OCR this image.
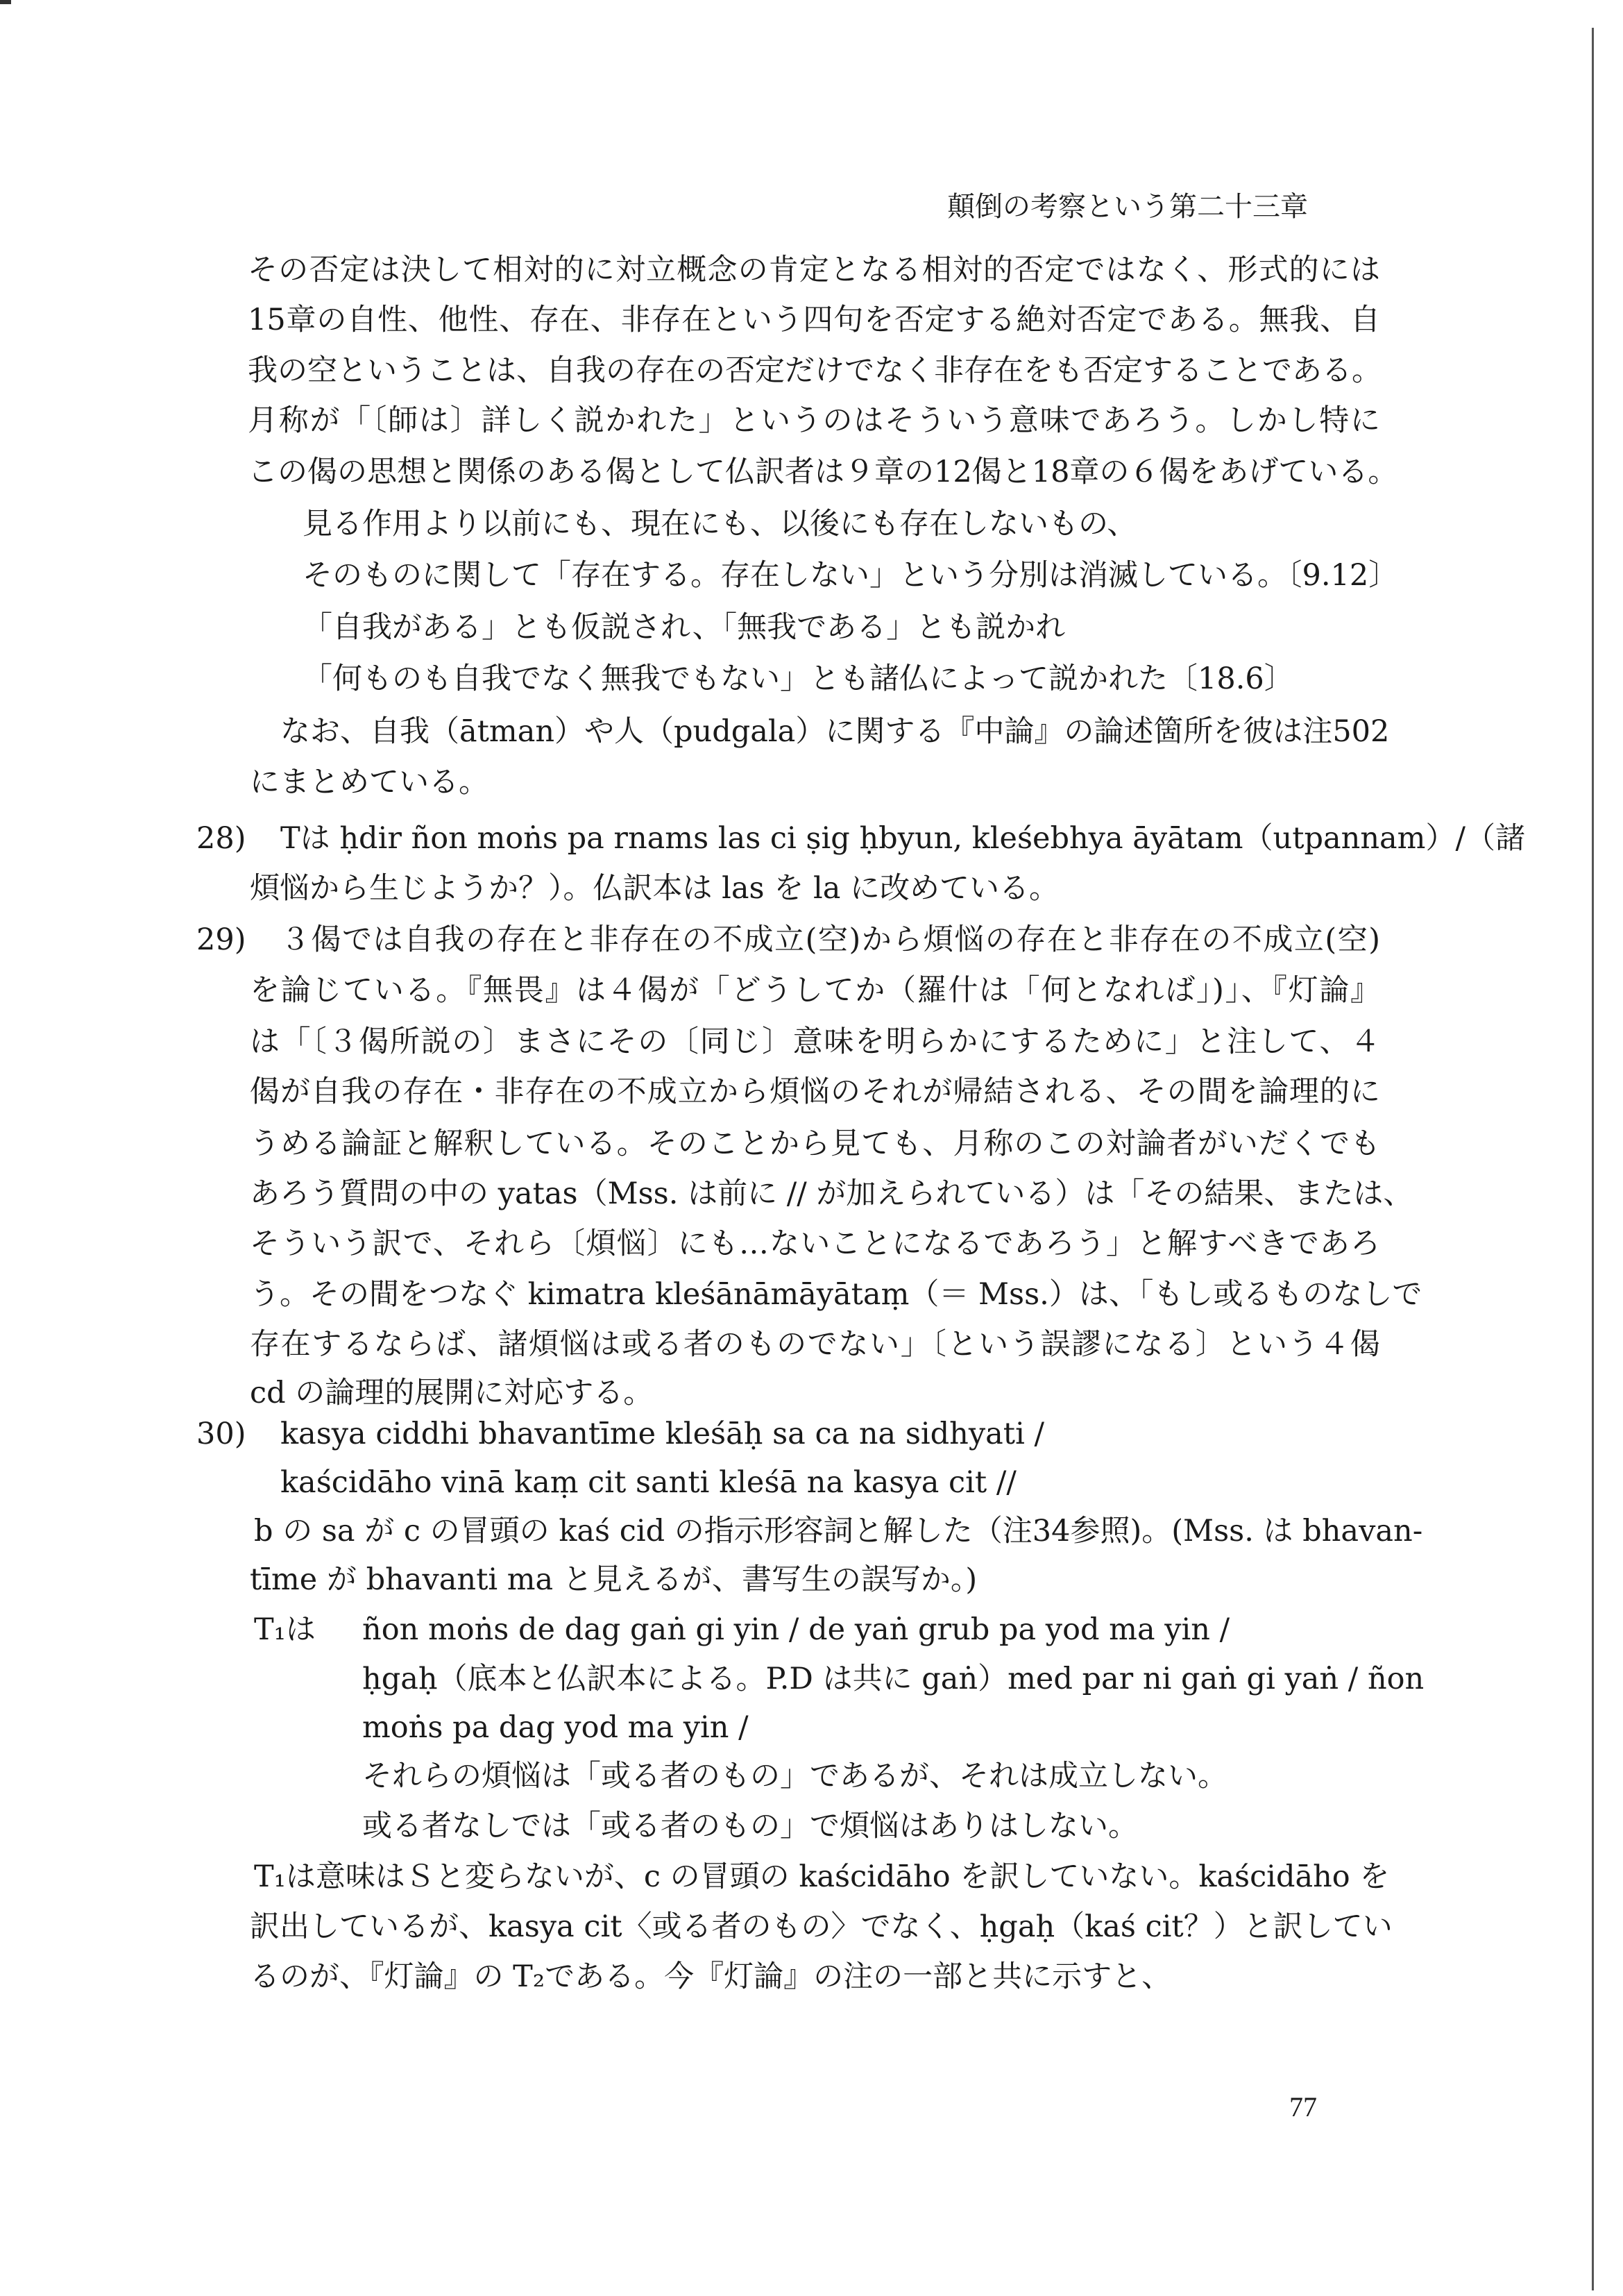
顛倒の考察という第二十三章
その否定は決して相対的に対立概念の肯定となる相対的否定ではなく、形式的には
15章の自性、他性、存在、非存在という四句を否定する絶対否定である。無我、自
我の空ということは、自我の存在の否定だけでなく非存在をも否定することである。
月称が「〔師は〕詳しく説かれた」というのはそういう意味であろう。しかし特に
この偈の思想と関係のある偈として仏訳者は９章の12偈と18章の６偈をあげている。
見る作用より以前にも、現在にも、以後にも存在しないもの、
そのものに関して「存在する。存在しない」という分別は消滅している。〔9.12〕
「自我がある」とも仮説され、「無我である」とも説かれ
「何ものも自我でなく無我でもない」とも諸仏によって説かれた〔18.6〕
なお、自我（ātman）や人（pudgala）に関する『中論』の論述箇所を彼は注502
にまとめている。
28) Tは ḥdir ñon moṅs pa rnams las ci ṣig ḥbyun, kleśebhya āyātam（utpannam）/（諸
煩悩から生じようか？）。仏訳本は las を la に改めている。
29) ３偈では自我の存在と非存在の不成立(空)から煩悩の存在と非存在の不成立(空)
を論じている。『無畏』は４偈が「どうしてか（羅什は「何となれば」)」、『灯論』
は「〔３偈所説の〕まさにその〔同じ〕意味を明らかにするために」と注して、４
偈が自我の存在・非存在の不成立から煩悩のそれが帰結される、その間を論理的に
うめる論証と解釈している。そのことから見ても、月称のこの対論者がいだくでも
あろう質問の中の yatas（Mss. は前に // が加えられている）は「その結果、または、
そういう訳で、それら〔煩悩〕にも…ないことになるであろう」と解すべきであろ
う。その間をつなぐ kimatra kleśānāmāyātaṃ（＝ Mss.）は、「もし或るものなしで
存在するならば、諸煩悩は或る者のものでない」〔という誤謬になる〕という４偈
cd の論理的展開に対応する。
30) kasya ciddhi bhavantīme kleśāḥ sa ca na sidhyati /
kaścidāho vinā kaṃ cit santi kleśā na kasya cit //
b の sa が c の冒頭の kaś cid の指示形容詞と解した（注34参照)。(Mss. は bhavan-
tīme が bhavanti ma と見えるが、書写生の誤写か。)
T₁は ñon moṅs de dag gaṅ gi yin / de yaṅ grub pa yod ma yin /
ḥgaḥ（底本と仏訳本による。P.D は共に gaṅ）med par ni gaṅ gi yaṅ / ñon
moṅs pa dag yod ma yin /
それらの煩悩は「或る者のもの」であるが、それは成立しない。
或る者なしでは「或る者のもの」で煩悩はありはしない。
T₁は意味はＳと変らないが、c の冒頭の kaścidāho を訳していない。kaścidāho を
訳出しているが、kasya cit〈或る者のもの〉でなく、ḥgaḥ（kaś cit？）と訳してい
るのが、『灯論』の T₂である。今『灯論』の注の一部と共に示すと、
77
